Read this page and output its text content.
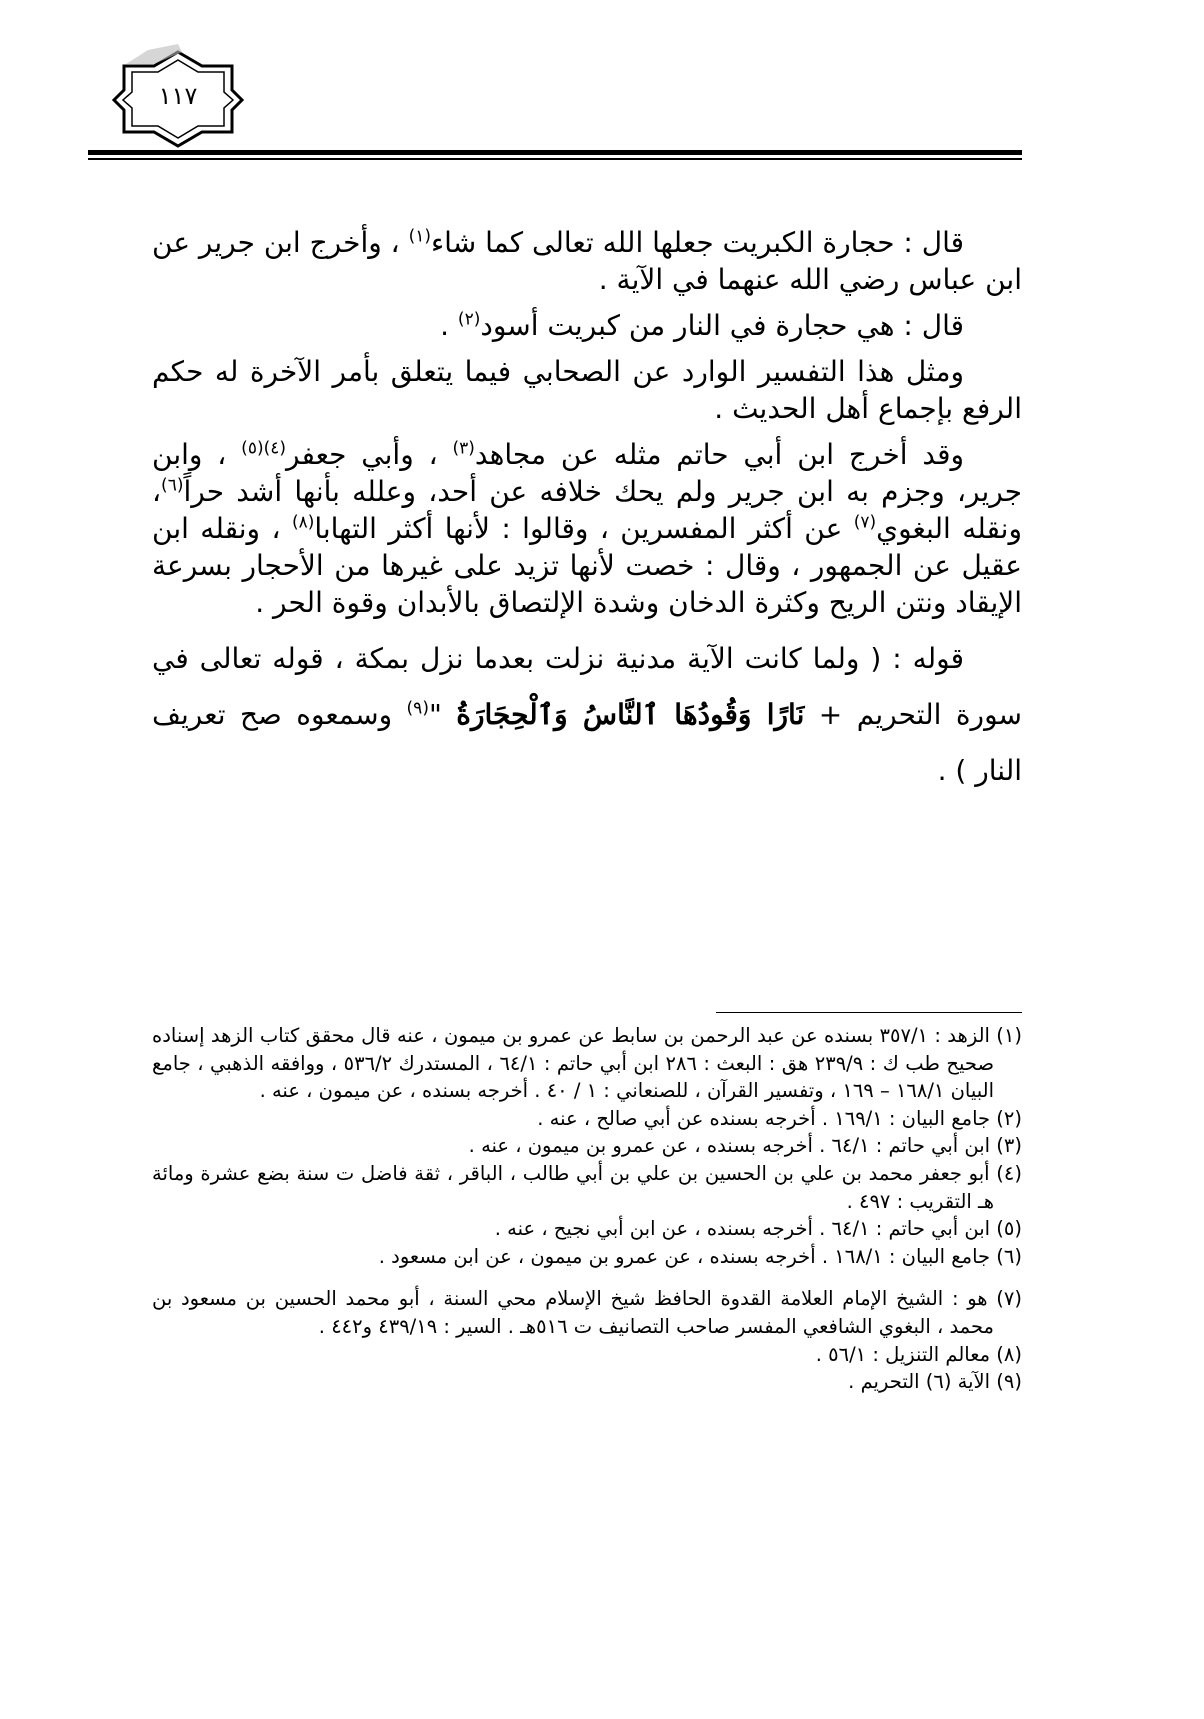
١١٧

قال : حجارة الكبريت جعلها الله تعالى كما شاء$^{(١)}$ ، وأخرج ابن جرير عن ابن عباس رضي الله عنهما في الآية .

قال : هي حجارة في النار من كبريت أسود$^{(٢)}$ .

ومثل هذا التفسير الوارد عن الصحابي فيما يتعلق بأمر الآخرة له حكم الرفع بإجماع أهل الحديث .

وقد أخرج ابن أبي حاتم مثله عن مجاهد$^{(٣)}$ ، وأبي جعفر$^{(٤)(٥)}$ ، وابن جرير، وجزم به ابن جرير ولم يحك خلافه عن أحد، وعلله بأنها أشد حراً$^{(٦)}$، ونقله البغوي$^{(٧)}$ عن أكثر المفسرين ، وقالوا : لأنها أكثر التهابا$^{(٨)}$ ، ونقله ابن عقيل عن الجمهور ، وقال : خصت لأنها تزيد على غيرها من الأحجار بسرعة الإيقاد ونتن الريح وكثرة الدخان وشدة الإلتصاق بالأبدان وقوة الحر .

قوله : ( ولما كانت الآية مدنية نزلت بعدما نزل بمكة ، قوله تعالى في سورة التحريم + نَارًا وَقُودُهَا ٱلنَّاسُ وَٱلْحِجَارَةُ "$^{(٩)}$ وسمعوه صح تعريف النار ) .

(١) الزهد : ٣٥٧/١ بسنده عن عبد الرحمن بن سابط عن عمرو بن ميمون ، عنه قال محقق كتاب الزهد إسناده صحيح طب ك : ٢٣٩/٩ هق : البعث : ٢٨٦ ابن أبي حاتم : ٦٤/١ ، المستدرك ٥٣٦/٢ ، ووافقه الذهبي ، جامع البيان ١٦٨/١ – ١٦٩ ، وتفسير القرآن ، للصنعاني : ١ / ٤٠ . أخرجه بسنده ، عن ميمون ، عنه .

(٢) جامع البيان : ١٦٩/١ . أخرجه بسنده عن أبي صالح ، عنه .

(٣) ابن أبي حاتم : ٦٤/١ . أخرجه بسنده ، عن عمرو بن ميمون ، عنه .

(٤) أبو جعفر محمد بن علي بن الحسين بن علي بن أبي طالب ، الباقر ، ثقة فاضل ت سنة بضع عشرة ومائة هـ التقريب : ٤٩٧ .

(٥) ابن أبي حاتم : ٦٤/١ . أخرجه بسنده ، عن ابن أبي نجيح ، عنه .

(٦) جامع البيان : ١٦٨/١ . أخرجه بسنده ، عن عمرو بن ميمون ، عن ابن مسعود .

(٧) هو : الشيخ الإمام العلامة القدوة الحافظ شيخ الإسلام محي السنة ، أبو محمد الحسين بن مسعود بن محمد ، البغوي الشافعي المفسر صاحب التصانيف ت ٥١٦هـ . السير : ٤٣٩/١٩ و٤٤٢ .

(٨) معالم التنزيل : ٥٦/١ .

(٩) الآية (٦) التحريم .
